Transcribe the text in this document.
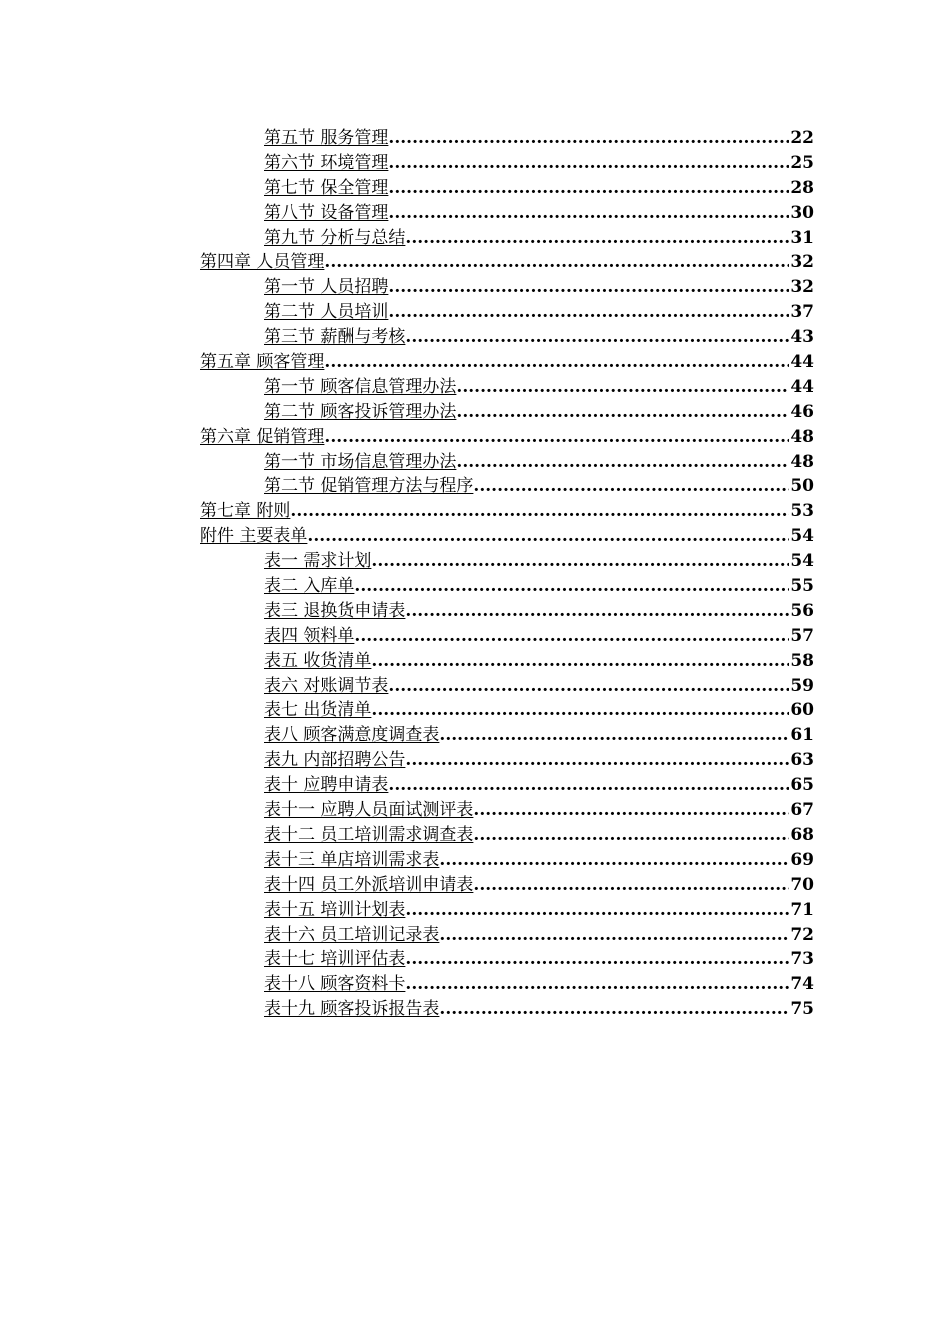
第五节 服务管理 .....	22
第六节 环境管理 .....	25
第七节 保全管理 .....	28
第八节 设备管理 .....	30
第九节 分析与总结 .....	31
第四章 人员管理 .....	32
第一节 人员招聘 .....	32
第二节 人员培训 .....	37
第三节 薪酬与考核 .....	43
第五章 顾客管理 .....	44
第一节 顾客信息管理办法 .....	44
第二节 顾客投诉管理办法 .....	46
第六章 促销管理 .....	48
第一节 市场信息管理办法 .....	48
第二节 促销管理方法与程序 .....	50
第七章 附则 .....	53
附件 主要表单 .....	54
表一 需求计划 .....	54
表二 入库单 .....	55
表三 退换货申请表 .....	56
表四 领料单 .....	57
表五 收货清单 .....	58
表六 对账调节表 .....	59
表七 出货清单 .....	60
表八 顾客满意度调查表 .....	61
表九 内部招聘公告 .....	63
表十 应聘申请表 .....	65
表十一 应聘人员面试测评表 .....	67
表十二 员工培训需求调查表 .....	68
表十三 单店培训需求表 .....	69
表十四 员工外派培训申请表 .....	70
表十五 培训计划表 .....	71
表十六 员工培训记录表 .....	72
表十七 培训评估表 .....	73
表十八 顾客资料卡 .....	74
表十九 顾客投诉报告表 .....	75
